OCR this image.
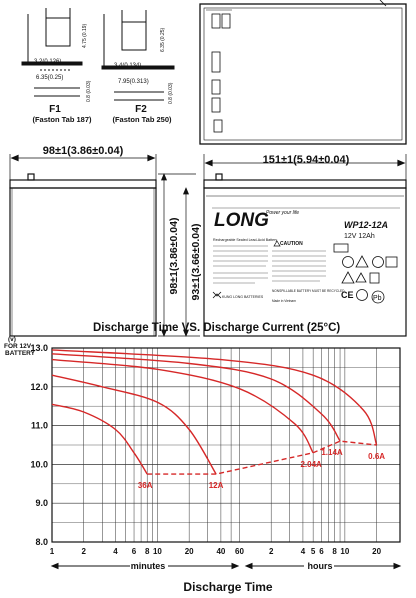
4.75 (0.19)
3.2(0.126)
6.35(0.25)
0.8 (0.03)
F1
(Faston Tab 187)
6.35 (0.25)
3.4(0.134)
7.95(0.313)
0.8 (0.03)
F2
(Faston Tab 250)
98±1(3.86±0.04)
151±1(5.94±0.04)
98±1(3.86±0.04) 93±1(3.66±0.04)
LONG
Power your life
WP12-12A
12V 12Ah
Rechargeable Sealed Lead-Acid Battery
CAUTION
NONSPILLABLE BATTERY MUST BE RECYCLED
Made in Vietnam
KUNG LONG BATTERIES	CE	Pb
Discharge Time VS. Discharge Current (25°C)
(v)
FOR 12V
BATTERY
13.0
12.0
11.0
10.0
9.0
8.0
1	2	4 6 8 10	20	40 60	2	4 5 6 8 10	20
36A	12A
2.04A
1.14A	0.6A
minutes	hours
Discharge Time
